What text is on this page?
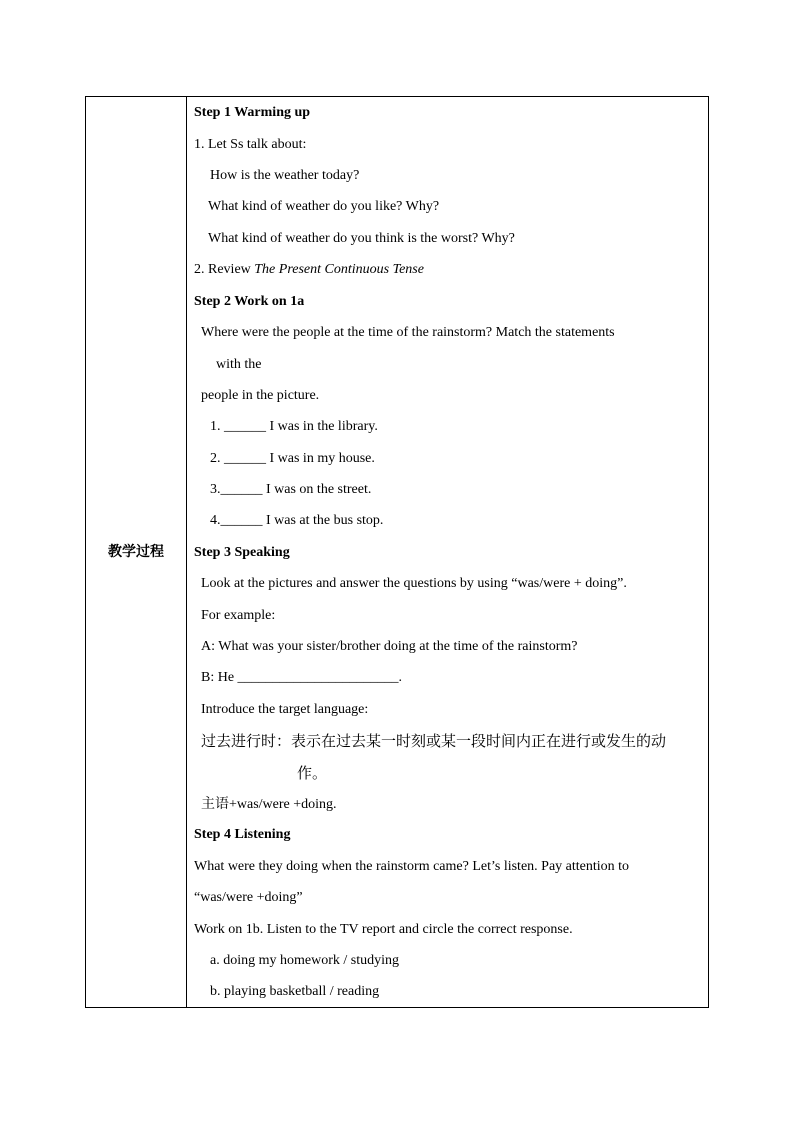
教学过程
Step 1 Warming up
1. Let Ss talk about:
How is the weather today?
What kind of weather do you like? Why?
What kind of weather do you think is the worst? Why?
2. Review The Present Continuous Tense
Step 2 Work on 1a
Where were the people at the time of the rainstorm? Match the statements
with the
people in the picture.
1. ______ I was in the library.
2. ______ I was in my house.
3.______ I was on the street.
4.______ I was at the bus stop.
Step 3 Speaking
Look at the pictures and answer the questions by using “was/were + doing”.
For example:
A: What was your sister/brother doing at the time of the rainstorm?
B: He _______________________.
Introduce the target language:
过去进行时：表示在过去某一时刻或某一段时间内正在进行或发生的动
作。
主语+was/were +doing.
Step 4 Listening
What were they doing when the rainstorm came? Let’s listen. Pay attention to
“was/were +doing”
Work on 1b. Listen to the TV report and circle the correct response.
a. doing my homework / studying
b. playing basketball / reading
